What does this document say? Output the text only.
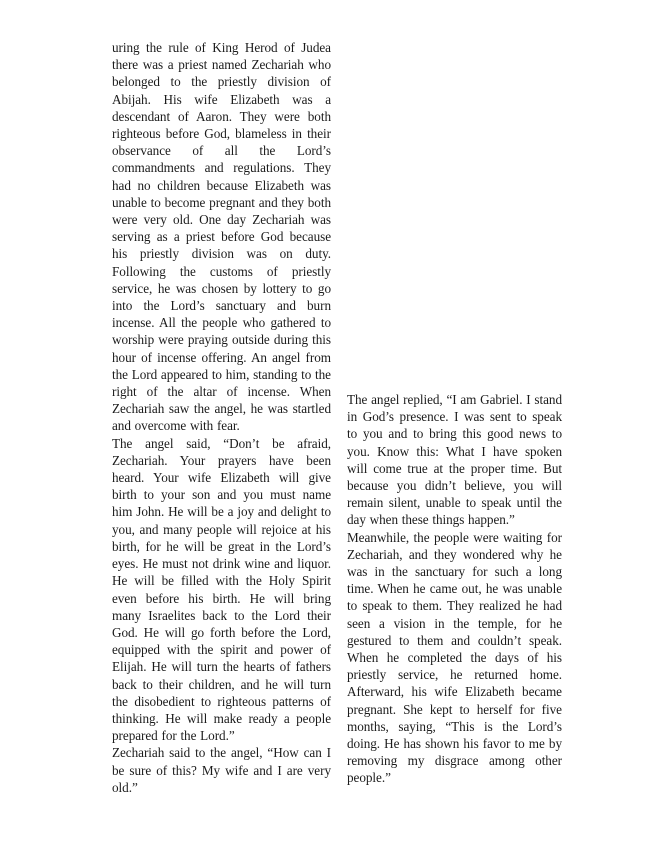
uring the rule of King Herod of Judea there was a priest named Zechariah who belonged to the priestly division of Abijah. His wife Elizabeth was a descendant of Aaron. They were both righteous before God, blameless in their observance of all the Lord’s commandments and regulations. They had no children because Elizabeth was unable to become pregnant and they both were very old. One day Zechariah was serving as a priest before God because his priestly division was on duty. Following the customs of priestly service, he was chosen by lottery to go into the Lord’s sanctuary and burn incense. All the people who gathered to worship were praying outside during this hour of incense offering. An angel from the Lord appeared to him, standing to the right of the altar of incense. When Zechariah saw the angel, he was startled and overcome with fear.

The angel said, “Don’t be afraid, Zechariah. Your prayers have been heard. Your wife Elizabeth will give birth to your son and you must name him John. He will be a joy and delight to you, and many people will rejoice at his birth, for he will be great in the Lord’s eyes. He must not drink wine and liquor. He will be filled with the Holy Spirit even before his birth. He will bring many Israelites back to the Lord their God. He will go forth before the Lord, equipped with the spirit and power of Elijah. He will turn the hearts of fathers back to their children, and he will turn the disobedient to righteous patterns of thinking. He will make ready a people prepared for the Lord.”

Zechariah said to the angel, “How can I be sure of this? My wife and I are very old.”

The angel replied, “I am Gabriel. I stand in God’s presence. I was sent to speak to you and to bring this good news to you. Know this: What I have spoken will come true at the proper time. But because you didn’t believe, you will remain silent, unable to speak until the day when these things happen.”

Meanwhile, the people were waiting for Zechariah, and they wondered why he was in the sanctuary for such a long time. When he came out, he was unable to speak to them. They realized he had seen a vision in the temple, for he gestured to them and couldn’t speak. When he completed the days of his priestly service, he returned home. Afterward, his wife Elizabeth became pregnant. She kept to herself for five months, saying, “This is the Lord’s doing. He has shown his favor to me by removing my disgrace among other people.”
